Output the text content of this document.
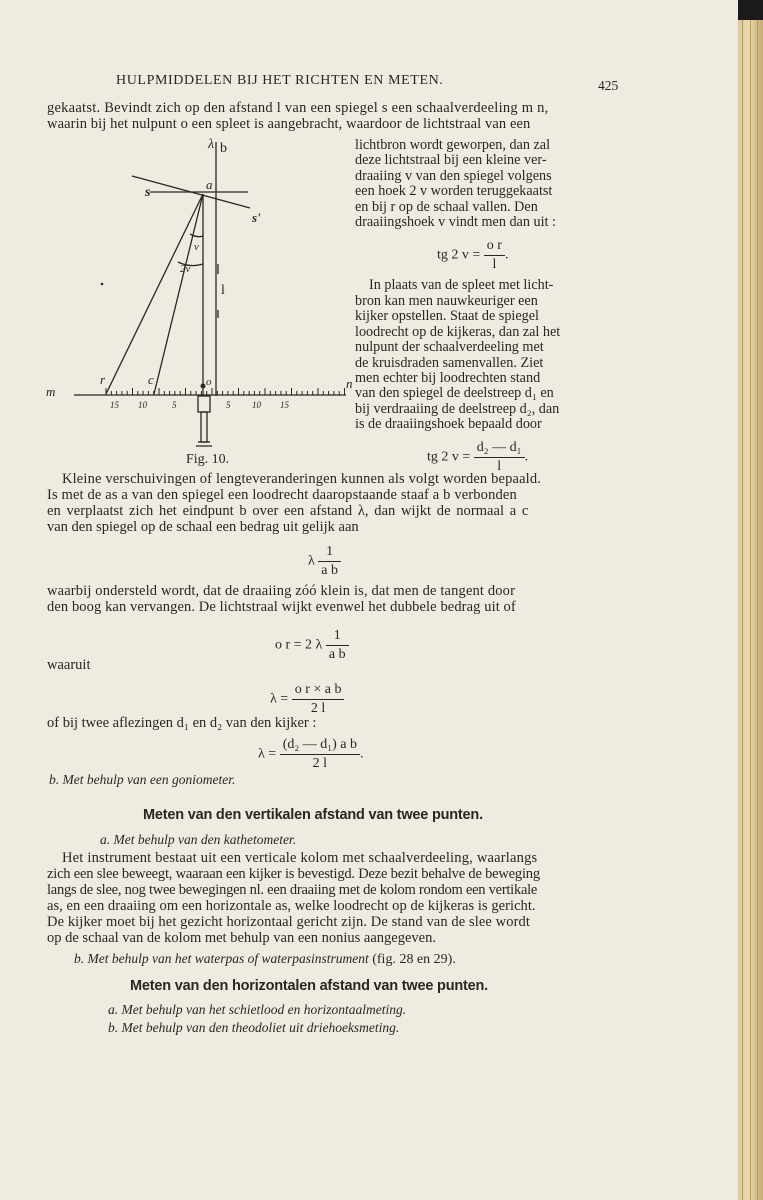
HULPMIDDELEN BIJ HET RICHTEN EN METEN.	425
gekaatst. Bevindt zich op den afstand l van een spiegel s een schaalverdeeling m n,
waarin bij het nulpunt o een spleet is aangebracht, waardoor de lichtstraal van een
λ b
a
s
s'
v
2v
l
m
n
r	c	o
15 10	5	5 10 15
Fig. 10.
lichtbron wordt geworpen, dan zal
deze lichtstraal bij een kleine ver-
draaiing v van den spiegel volgens
een hoek 2 v worden teruggekaatst
en bij r op de schaal vallen. Den
draaiingshoek v vindt men dan uit :
tg 2 $v = \frac{\text{o r}}{l}$ .
In plaats van de spleet met licht-
bron kan men nauwkeuriger een
kijker opstellen. Staat de spiegel
loodrecht op de kijkeras, dan zal het
nulpunt der schaalverdeeling met
de kruisdraden samenvallen. Ziet
men echter bij loodrechten stand
van den spiegel de deelstreep d₁ en
bij verdraaiing de deelstreep d₂, dan
is de draaiingshoek bepaald door
tg 2 $v = \frac{\text{d₂ — d₁}}{l}$ .
Kleine verschuivingen of lengteveranderingen kunnen als volgt worden bepaald.
Is met de as a van den spiegel een loodrecht daaropstaande staaf a b verbonden
en verplaatst zich het eindpunt b over een afstand λ, dan wijkt de normaal a c
van den spiegel op de schaal een bedrag uit gelijk aan
λ $\frac{1}{\text{a b}}$
waarbij ondersteld wordt, dat de draaiing zóó klein is, dat men de tangent door
den boog kan vervangen. De lichtstraal wijkt evenwel het dubbele bedrag uit of
o r = 2 λ $\frac{1}{\text{a b}}$
waaruit
$\lambda = \frac{\text{o r × a b}}{2 l}$
of bij twee aflezingen d₁ en d₂ van den kijker :
$\lambda = \frac{\text{(d₂ — d₁) a b}}{2 l}$ .
b. Met behulp van een goniometer.
Meten van den vertikalen afstand van twee punten.
a. Met behulp van den kathetometer.
Het instrument bestaat uit een verticale kolom met schaalverdeeling, waarlangs
zich een slee beweegt, waaraan een kijker is bevestigd. Deze bezit behalve de beweging
langs de slee, nog twee bewegingen nl. een draaiing met de kolom rondom een vertikale
as, en een draaiing om een horizontale as, welke loodrecht op de kijkeras is gericht.
De kijker moet bij het gezicht horizontaal gericht zijn. De stand van de slee wordt
op de schaal van de kolom met behulp van een nonius aangegeven.
b. Met behulp van het waterpas of waterpasinstrument (fig. 28 en 29).
Meten van den horizontalen afstand van twee punten.
a. Met behulp van het schietlood en horizontaalmeting.
b. Met behulp van den theodoliet uit driehoeksmeting.
